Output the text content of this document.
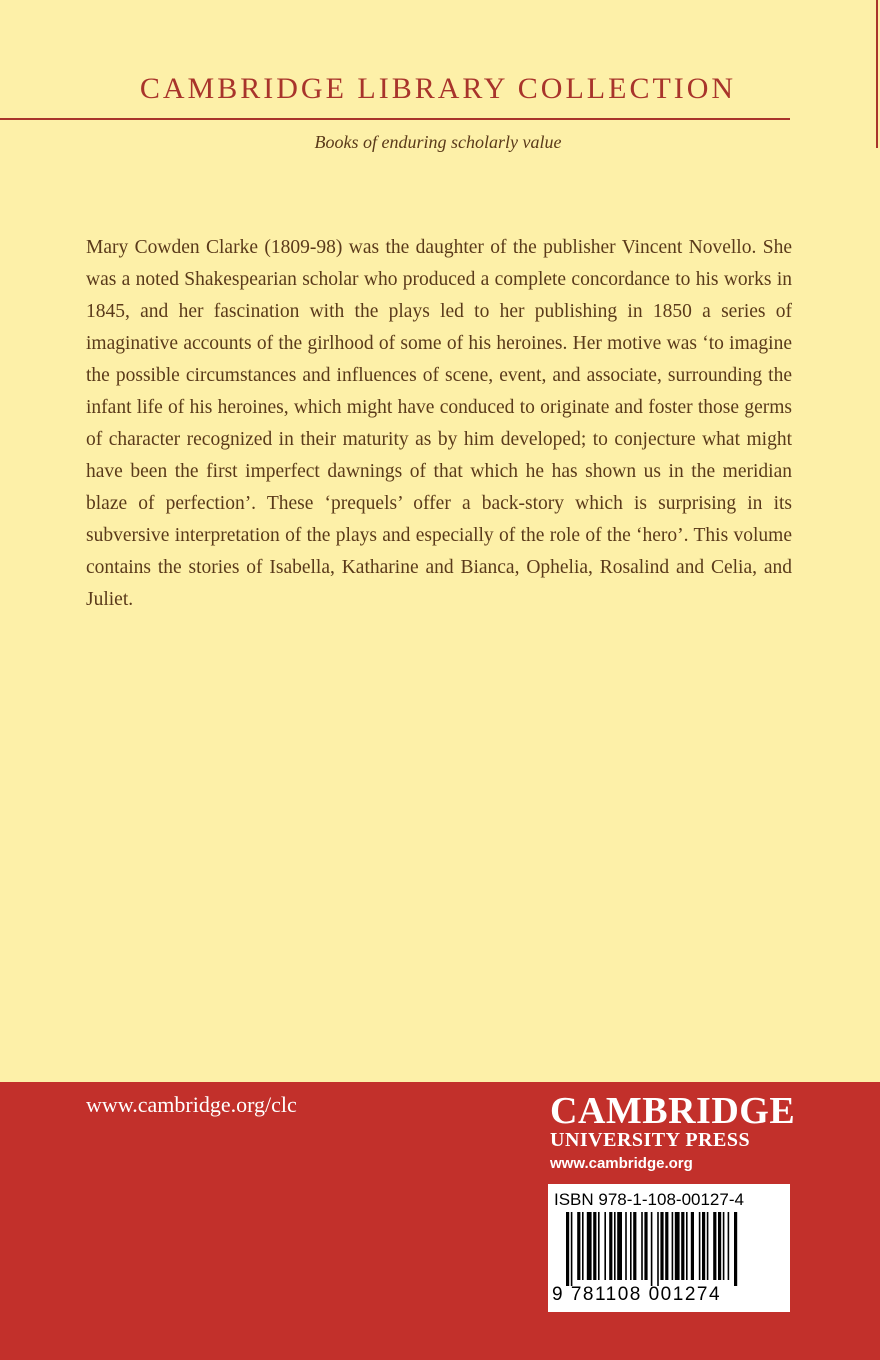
CAMBRIDGE LIBRARY COLLECTION
Books of enduring scholarly value

Mary Cowden Clarke (1809-98) was the daughter of the publisher Vincent Novello. She was a noted Shakespearian scholar who produced a complete concordance to his works in 1845, and her fascination with the plays led to her publishing in 1850 a series of imaginative accounts of the girlhood of some of his heroines. Her motive was ‘to imagine the possible circumstances and influences of scene, event, and associate, surrounding the infant life of his heroines, which might have conduced to originate and foster those germs of character recognized in their maturity as by him developed; to conjecture what might have been the first imperfect dawnings of that which he has shown us in the meridian blaze of perfection’. These ‘prequels’ offer a back-story which is surprising in its subversive interpretation of the plays and especially of the role of the ‘hero’. This volume contains the stories of Isabella, Katharine and Bianca, Ophelia, Rosalind and Celia, and Juliet.

www.cambridge.org/clc	CAMBRIDGE
UNIVERSITY PRESS
www.cambridge.org
ISBN 978-1-108-00127-4
9 781108 001274
